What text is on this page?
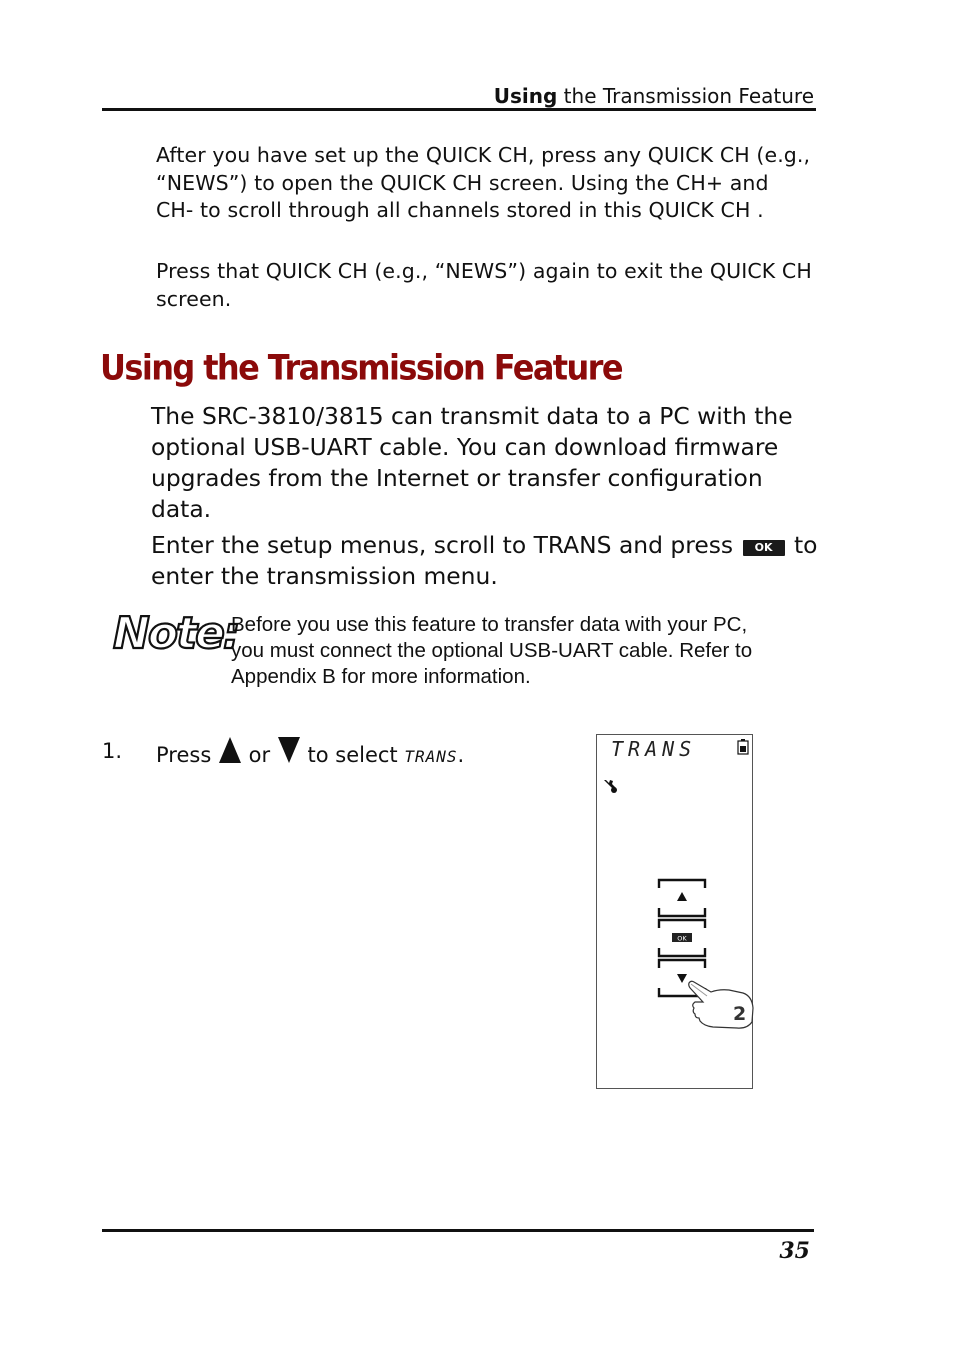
Using the Transmission Feature

After you have set up the QUICK CH, press any QUICK CH (e.g., “NEWS”) to open the QUICK CH screen. Using the CH+ and CH- to scroll through all channels stored in this QUICK CH .

Press that QUICK CH (e.g., “NEWS”) again to exit the QUICK CH screen.

Using the Transmission Feature

The SRC-3810/3815 can transmit data to a PC with the optional USB-UART cable. You can download firmware upgrades from the Internet or transfer configuration data.

Enter the setup menus, scroll to TRANS and press OK to enter the transmission menu.

Note:

Before you use this feature to transfer data with your PC, you must connect the optional USB-UART cable. Refer to Appendix B for more information.

1. Press or to select TRANS.	TRANS
OK
2
35
